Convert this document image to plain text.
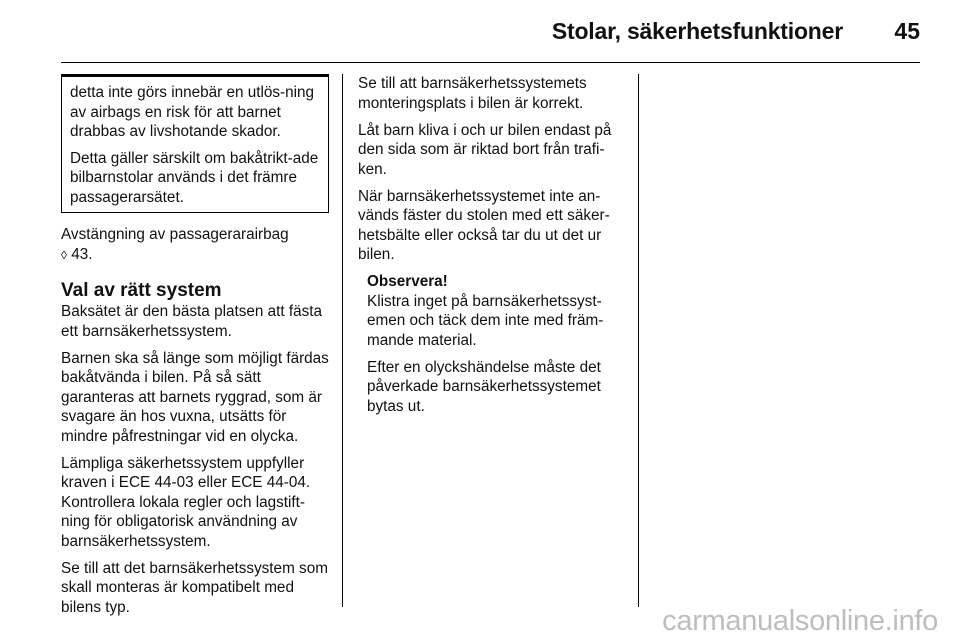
Stolar, säkerhetsfunktioner 45

detta inte görs innebär en utlös-ning av airbags en risk för att barnet drabbas av livshotande skador.

Detta gäller särskilt om bakåtrikt-ade bilbarnstolar används i det främre passagerarsätet.

Avstängning av passagerarairbag
◊ 43.

Val av rätt system

Baksätet är den bästa platsen att fästa ett barnsäkerhetssystem.

Barnen ska så länge som möjligt färdas bakåtvända i bilen. På så sätt garanteras att barnets ryggrad, som är svagare än hos vuxna, utsätts för mindre påfrestningar vid en olycka.

Lämpliga säkerhetssystem uppfyller kraven i ECE 44-03 eller ECE 44-04. Kontrollera lokala regler och lagstift-ning för obligatorisk användning av barnsäkerhetssystem.

Se till att det barnsäkerhetssystem som skall monteras är kompatibelt med bilens typ.

Se till att barnsäkerhetssystemets monteringsplats i bilen är korrekt.

Låt barn kliva i och ur bilen endast på den sida som är riktad bort från trafi-ken.

När barnsäkerhetssystemet inte an-vänds fäster du stolen med ett säker-hetsbälte eller också tar du ut det ur bilen.

Observera!

Klistra inget på barnsäkerhetssyst-emen och täck dem inte med främ-mande material.

Efter en olyckshändelse måste det påverkade barnsäkerhetssystemet bytas ut.

carmanualsonline.info
